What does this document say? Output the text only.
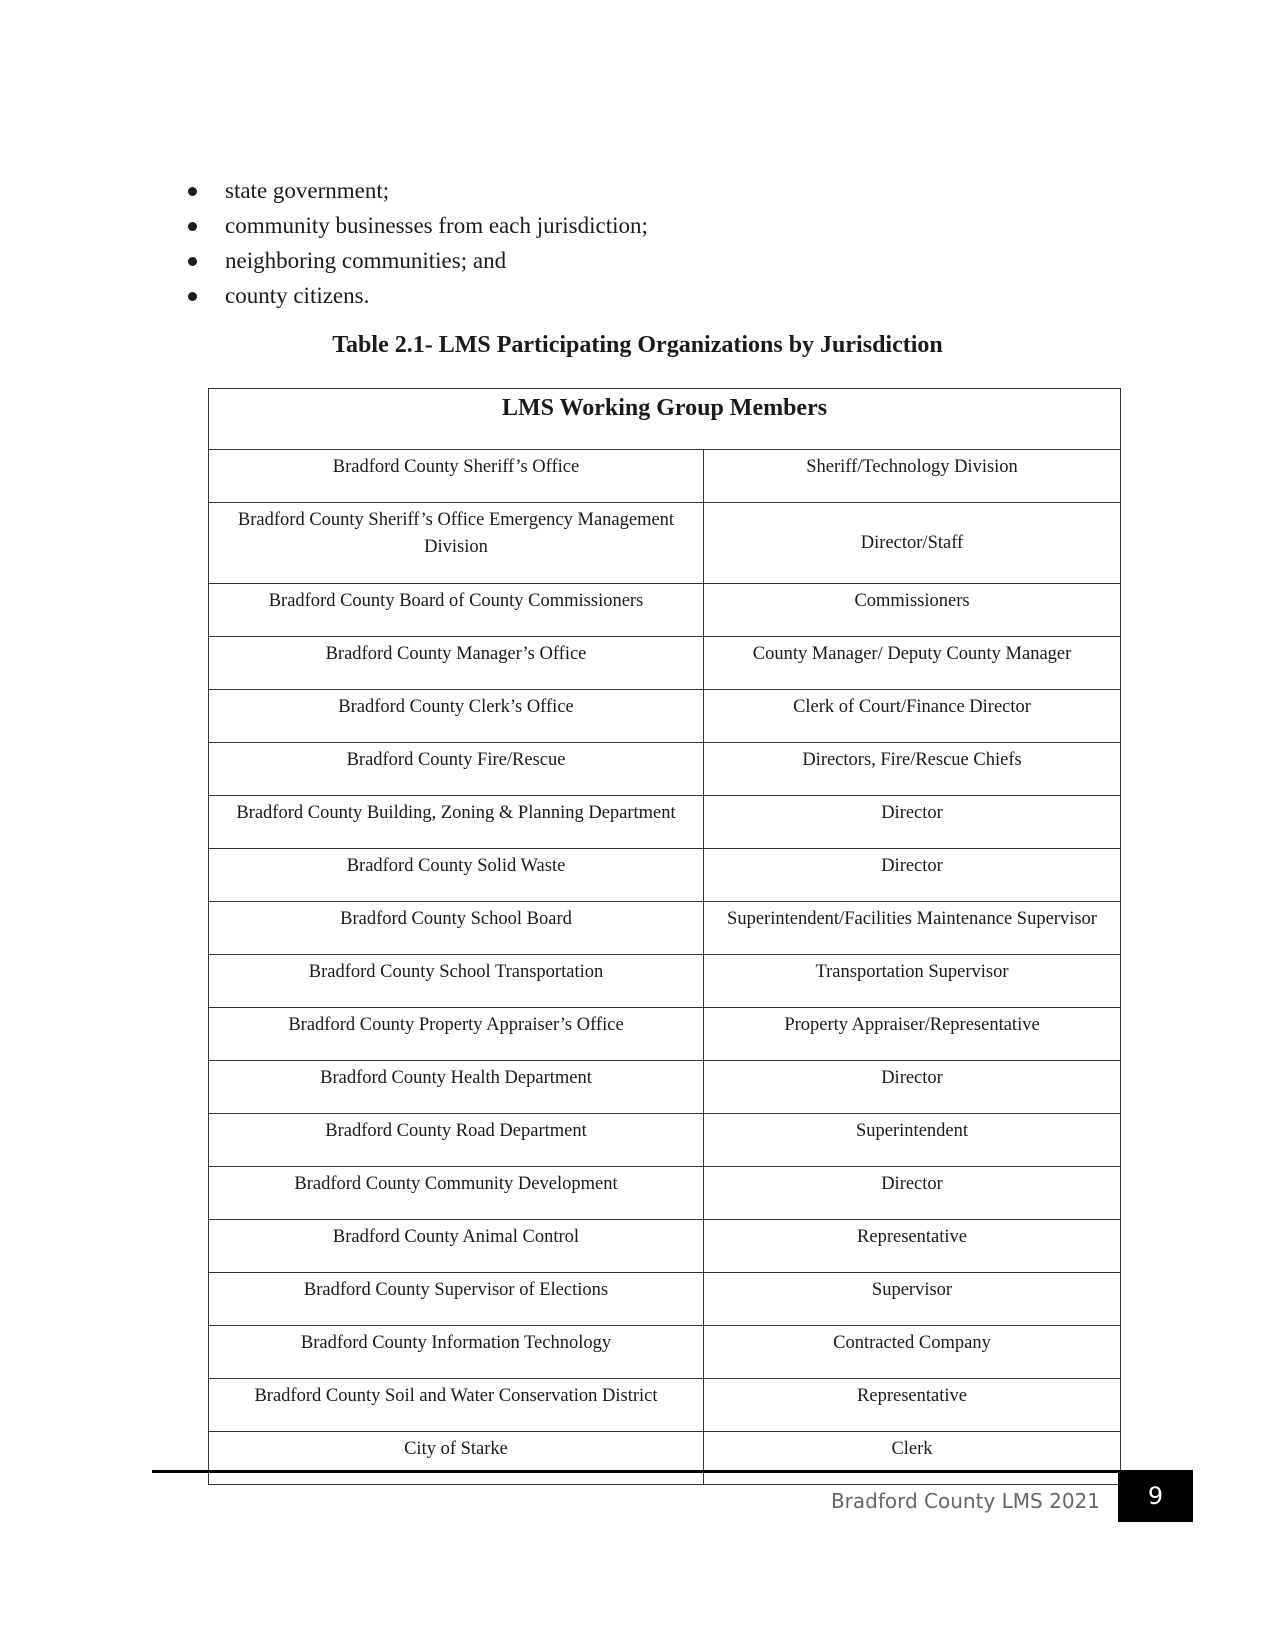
state government;
community businesses from each jurisdiction;
neighboring communities; and
county citizens.

Table 2.1- LMS Participating Organizations by Jurisdiction

LMS Working Group Members	
Bradford County Sheriff’s Office	Sheriff/Technology Division
Bradford County Sheriff’s Office Emergency Management Division	Director/Staff
Bradford County Board of County Commissioners	Commissioners
Bradford County Manager’s Office	County Manager/ Deputy County Manager
Bradford County Clerk’s Office	Clerk of Court/Finance Director
Bradford County Fire/Rescue	Directors, Fire/Rescue Chiefs
Bradford County Building, Zoning & Planning Department	Director
Bradford County Solid Waste	Director
Bradford County School Board	Superintendent/Facilities Maintenance Supervisor
Bradford County School Transportation	Transportation Supervisor
Bradford County Property Appraiser’s Office	Property Appraiser/Representative
Bradford County Health Department	Director
Bradford County Road Department	Superintendent
Bradford County Community Development	Director
Bradford County Animal Control	Representative
Bradford County Supervisor of Elections	Supervisor
Bradford County Information Technology	Contracted Company
Bradford County Soil and Water Conservation District	Representative
City of Starke	Clerk
Bradford County LMS 2021	9
